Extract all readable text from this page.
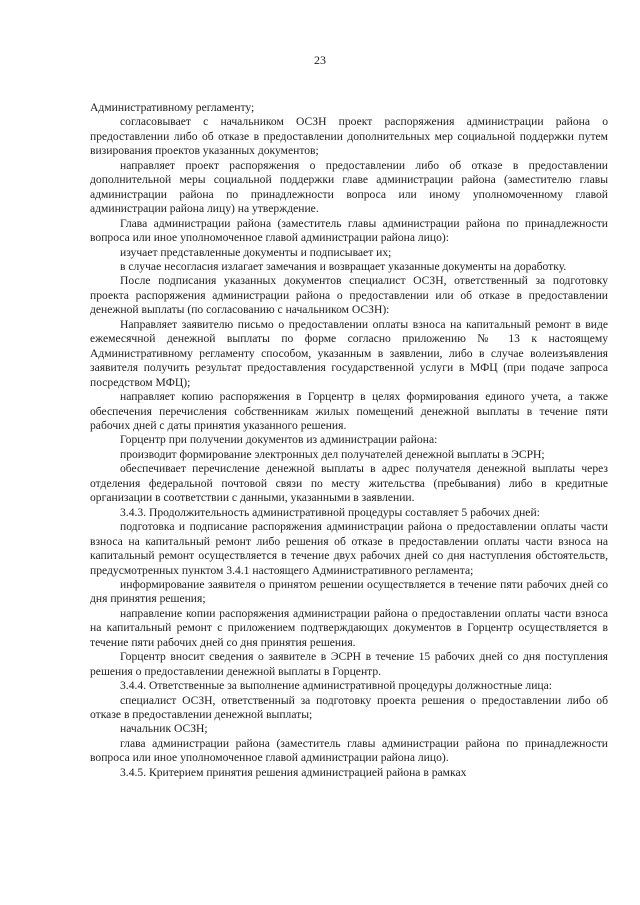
23

Административному регламенту;

согласовывает с начальником ОСЗН проект распоряжения администрации района о предоставлении либо об отказе в предоставлении дополнительных мер социальной поддержки путем визирования проектов указанных документов;

направляет проект распоряжения о предоставлении либо об отказе в предоставлении дополнительной меры социальной поддержки главе администрации района (заместителю главы администрации района по принадлежности вопроса или иному уполномоченному главой администрации района лицу) на утверждение.

Глава администрации района (заместитель главы администрации района по принадлежности вопроса или иное уполномоченное главой администрации района лицо):

изучает представленные документы и подписывает их;

в случае несогласия излагает замечания и возвращает указанные документы на доработку.

После подписания указанных документов специалист ОСЗН, ответственный за подготовку проекта распоряжения администрации района о предоставлении или об отказе в предоставлении денежной выплаты (по согласованию с начальником ОСЗН):

Направляет заявителю письмо о предоставлении оплаты взноса на капитальный ремонт в виде ежемесячной денежной выплаты по форме согласно приложению № 13 к настоящему Административному регламенту способом, указанным в заявлении, либо в случае волеизъявления заявителя получить результат предоставления государственной услуги в МФЦ (при подаче запроса посредством МФЦ);

направляет копию распоряжения в Горцентр в целях формирования единого учета, а также обеспечения перечисления собственникам жилых помещений денежной выплаты в течение пяти рабочих дней с даты принятия указанного решения.

Горцентр при получении документов из администрации района:

производит формирование электронных дел получателей денежной выплаты в ЭСРН;

обеспечивает перечисление денежной выплаты в адрес получателя денежной выплаты через отделения федеральной почтовой связи по месту жительства (пребывания) либо в кредитные организации в соответствии с данными, указанными в заявлении.

3.4.3. Продолжительность административной процедуры составляет 5 рабочих дней:

подготовка и подписание распоряжения администрации района о предоставлении оплаты части взноса на капитальный ремонт либо решения об отказе в предоставлении оплаты части взноса на капитальный ремонт осуществляется в течение двух рабочих дней со дня наступления обстоятельств, предусмотренных пунктом 3.4.1 настоящего Административного регламента;

информирование заявителя о принятом решении осуществляется в течение пяти рабочих дней со дня принятия решения;

направление копии распоряжения администрации района о предоставлении оплаты части взноса на капитальный ремонт с приложением подтверждающих документов в Горцентр осуществляется в течение пяти рабочих дней со дня принятия решения.

Горцентр вносит сведения о заявителе в ЭСРН в течение 15 рабочих дней со дня поступления решения о предоставлении денежной выплаты в Горцентр.

3.4.4. Ответственные за выполнение административной процедуры должностные лица:

специалист ОСЗН, ответственный за подготовку проекта решения о предоставлении либо об отказе в предоставлении денежной выплаты;

начальник ОСЗН;

глава администрации района (заместитель главы администрации района по принадлежности вопроса или иное уполномоченное главой администрации района лицо).

3.4.5. Критерием принятия решения администрацией района в рамках
